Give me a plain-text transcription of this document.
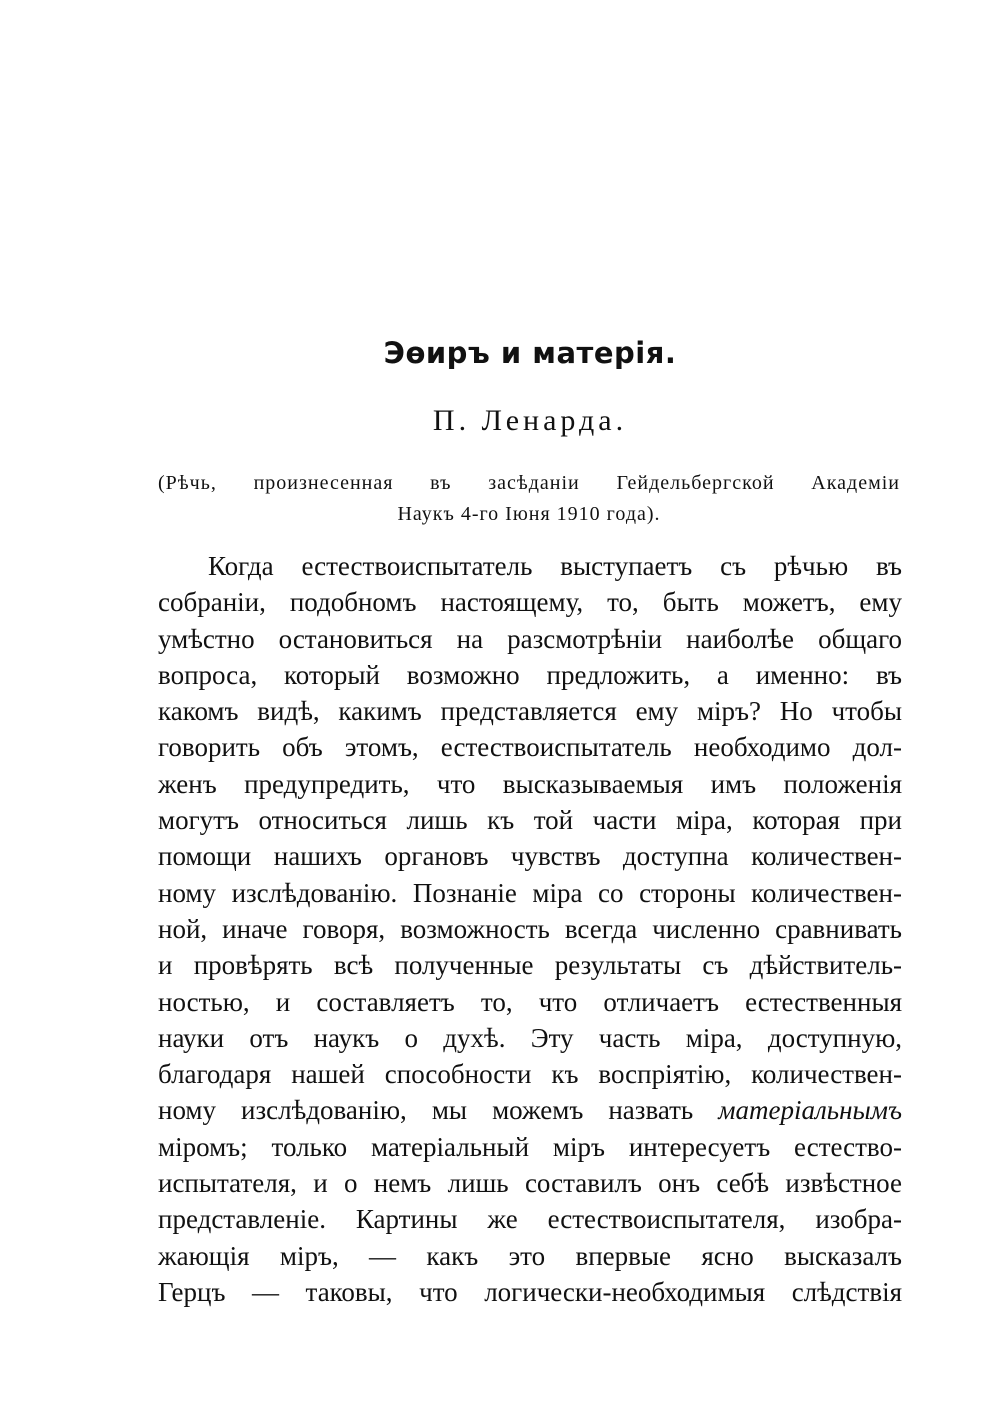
Эѳиръ и матерія.
П. Ленарда.
(Рѣчь, произнесенная въ засѣданіи Гейдельбергской Академіи
Наукъ 4-го Іюня 1910 года).
Когда естествоиспытатель выступаетъ съ рѣчью въ
собраніи, подобномъ настоящему, то, быть можетъ, ему
умѣстно остановиться на разсмотрѣніи наиболѣе общаго
вопроса, который возможно предложить, а именно: въ
какомъ видѣ, какимъ представляется ему міръ? Но чтобы
говорить объ этомъ, естествоиспытатель необходимо дол-
женъ предупредить, что высказываемыя имъ положенія
могутъ относиться лишь къ той части міра, которая при
помощи нашихъ органовъ чувствъ доступна количествен-
ному изслѣдованію. Познаніе міра со стороны количествен-
ной, иначе говоря, возможность всегда численно сравнивать
и провѣрять всѣ полученные результаты съ дѣйствитель-
ностью, и составляетъ то, что отличаетъ естественныя
науки отъ наукъ о духѣ. Эту часть міра, доступную,
благодаря нашей способности къ воспріятію, количествен-
ному изслѣдованію, мы можемъ назвать матеріальнымъ
міромъ; только матеріальный міръ интересуетъ естество-
испытателя, и о немъ лишь составилъ онъ себѣ извѣстное
представленіе. Картины же естествоиспытателя, изобра-
жающія міръ, — какъ это впервые ясно высказалъ
Герцъ — таковы, что логически-необходимыя слѣдствія
